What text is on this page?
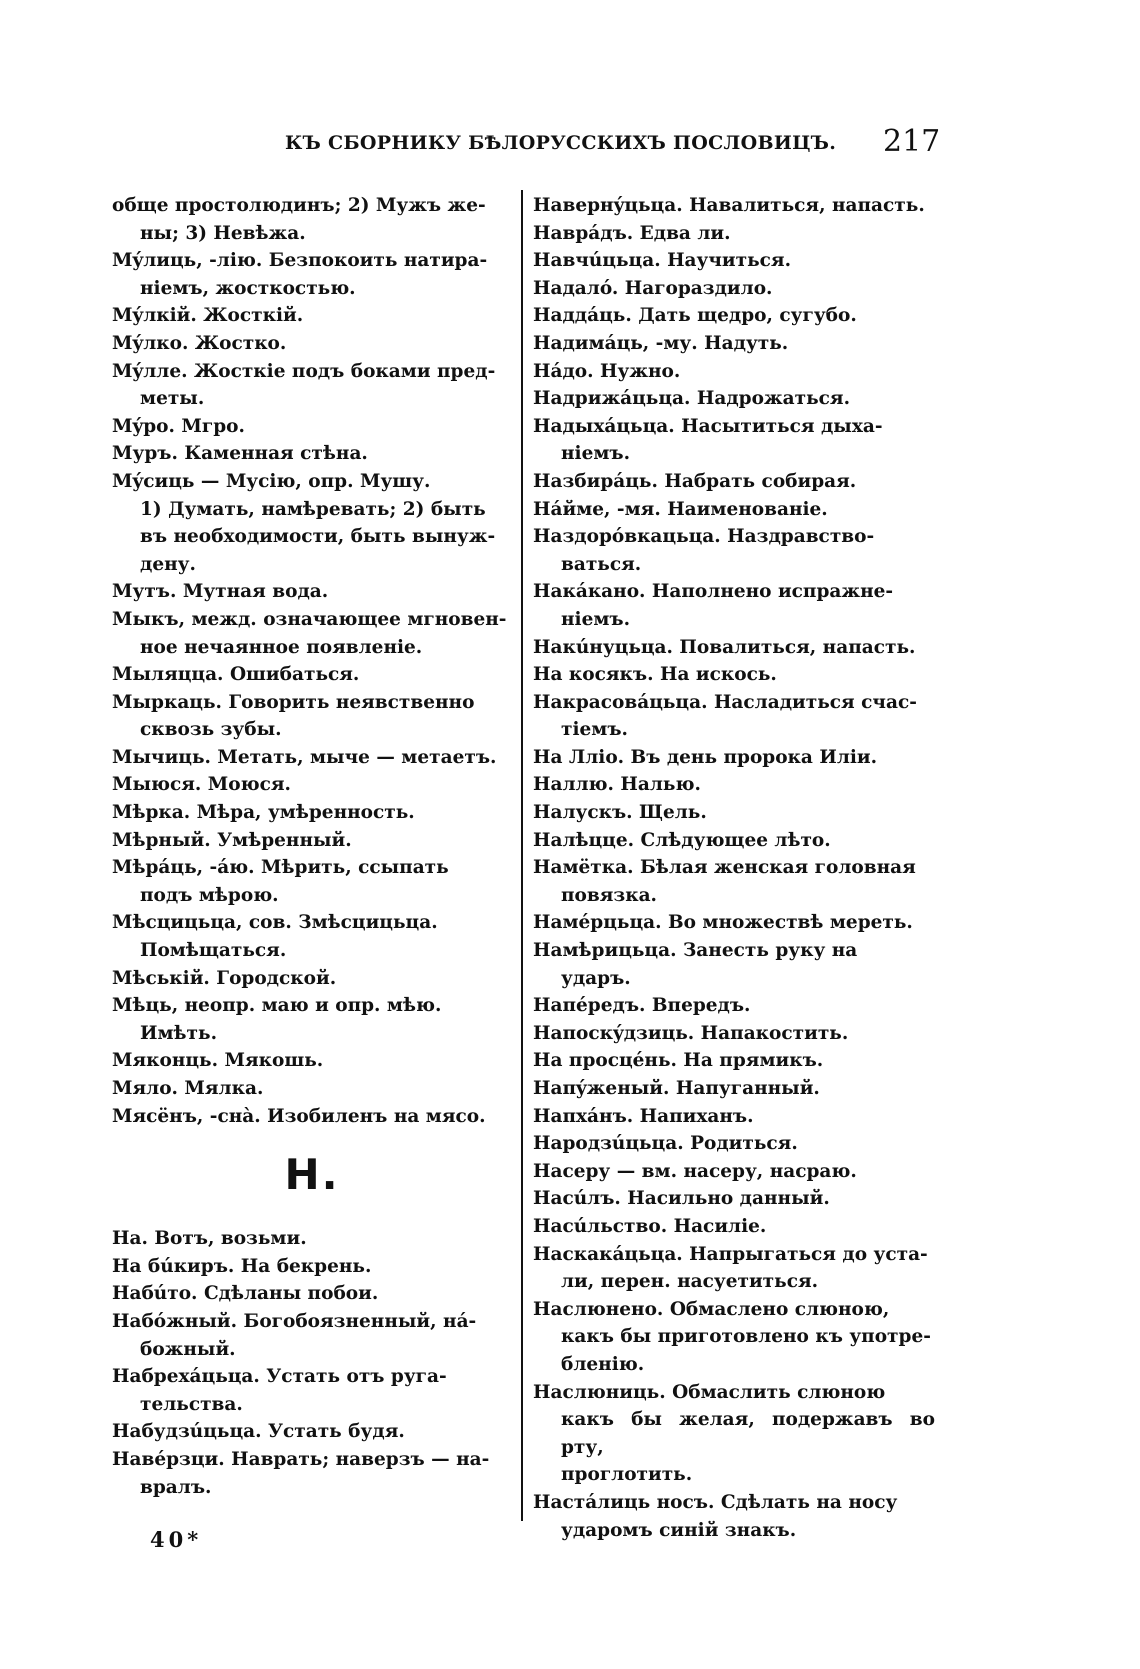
КЪ СБОРНИКУ БѢЛОРУССКИХЪ ПОСЛОВИЦЪ. 217
обще простолюдинъ; 2) Мужъ же-
ны; 3) Невѣжа.
Мýлиць, -лію. Безпокоить натира-
ніемъ, жосткостью.
Мýлкій. Жосткій.
Мýлко. Жостко.
Мýлле. Жосткіе подъ боками пред-
меты.
Мýро. Мгро.
Муръ. Каменная стѣна.
Мýсиць — Мусію, опр. Мушу.
1) Думать, намѣревать; 2) быть
въ необходимости, быть вынуж-
дену.
Мутъ. Мутная вода.
Мыкъ, межд. означающее мгновен-
ное нечаянное появленіе.
Мыляцца. Ошибаться.
Мыркаць. Говорить неявственно
сквозь зубы.
Мычиць. Метать, мыче — метаетъ.
Мыюся. Моюся.
Мѣрка. Мѣра, умѣренность.
Мѣрный. Умѣренный.
Мѣрáць, -áю. Мѣрить, ссыпать
подъ мѣрою.
Мѣсцицьца, сов. Змѣсцицьца.
Помѣщаться.
Мѣській. Городской.
Мѣць, неопр. маю и опр. мѣю.
Имѣть.
Мяконць. Мякошь.
Мяло. Мялка.
Мясёнъ, -снà. Изобиленъ на мясо.
Н.
На. Вотъ, возьми.
На бúкиръ. На бекрень.
Набúто. Сдѣланы побои.
Набóжный. Богобоязненный, нá-
божный.
Набрехáцьца. Устать отъ руга-
тельства.
Набудзúцьца. Устать будя.
Навéрзци. Наврать; наверзъ — на-
вралъ.
Навернýцьца. Навалиться, напасть.
Наврáдъ. Едва ли.
Навчúцьца. Научиться.
Надалó. Нагораздило.
Наддáць. Дать щедро, сугубо.
Надимáць, -му. Надуть.
Нáдо. Нужно.
Надрижáцьца. Надрожаться.
Надыхáцьца. Насытиться дыха-
ніемъ.
Назбирáць. Набрать собирая.
Нáйме, -мя. Наименованіе.
Наздорóвкацьца. Наздравство-
ваться.
Накáкано. Наполнено испражне-
ніемъ.
Накúнуцьца. Повалиться, напасть.
На косякъ. На искось.
Накрасовáцьца. Насладиться счас-
тіемъ.
На Лліо. Въ день пророка Иліи.
Наллю. Налью.
Налускъ. Щель.
Налѣцце. Слѣдующее лѣто.
Намётка. Бѣлая женская головная
повязка.
Намéрцьца. Во множествѣ мереть.
Намѣрицьца. Занесть руку на
ударъ.
Напéредъ. Впередъ.
Напоскýдзиць. Напакостить.
На просцéнь. На прямикъ.
Напýженый. Напуганный.
Напхáнъ. Напиханъ.
Народзúцьца. Родиться.
Насеру — вм. насеру, насраю.
Насúлъ. Насильно данный.
Насúльство. Насиліе.
Наскакáцьца. Напрыгаться до уста-
ли, перен. насуетиться.
Наслюнено. Обмаслено слюною,
какъ бы приготовлено къ употре-
бленію.
Наслюниць. Обмаслить слюною
какъ бы желая, подержавъ во рту,
проглотить.
Настáлиць носъ. Сдѣлать на носу
ударомъ синій знакъ.
40*
